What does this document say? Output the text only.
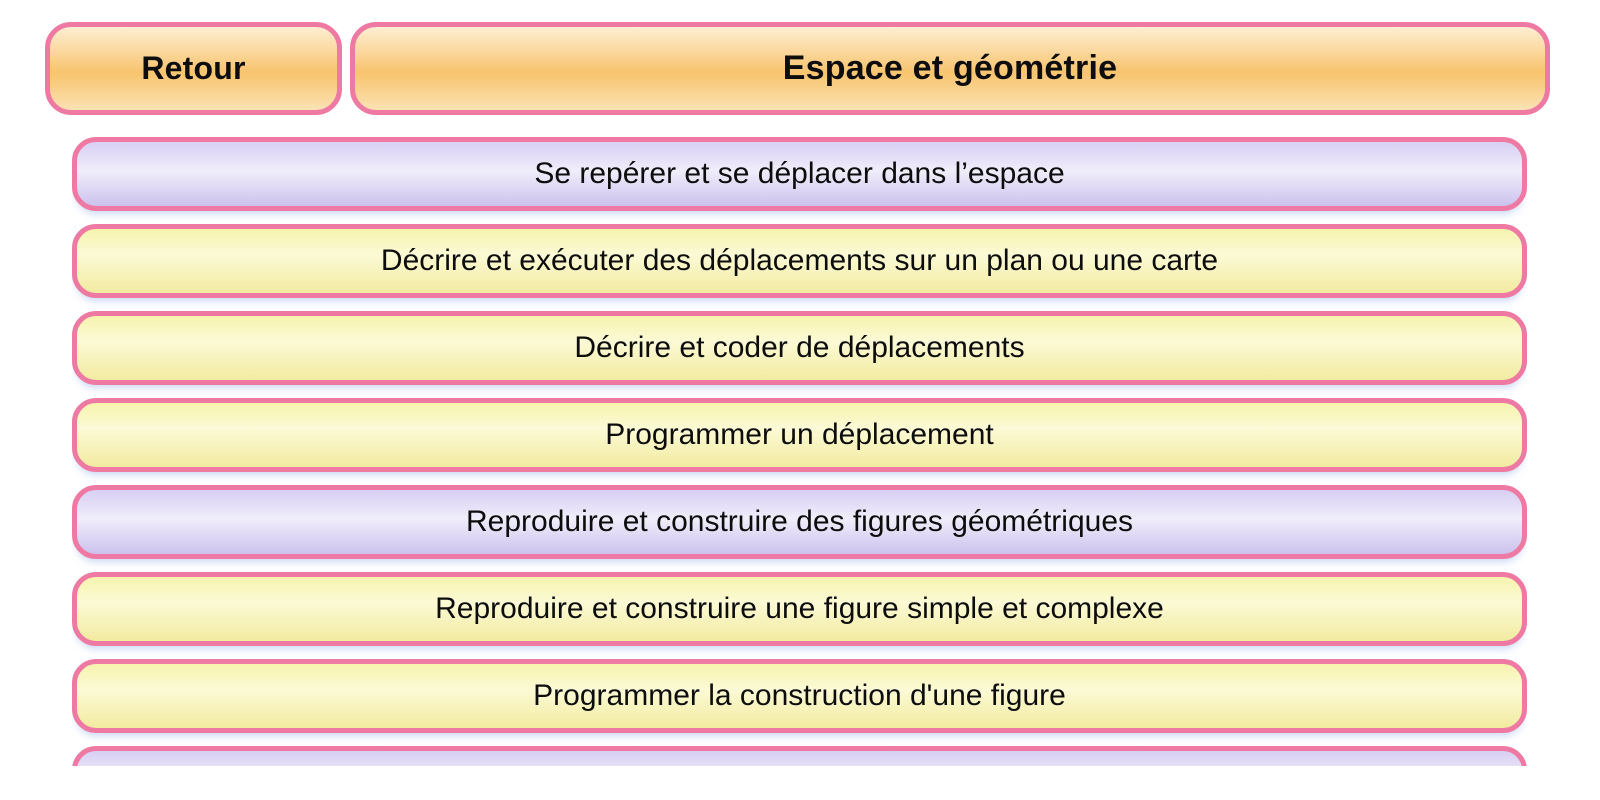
Retour	Espace et géométrie
Se repérer et se déplacer dans l’espace
Décrire et exécuter des déplacements sur un plan ou une carte
Décrire et coder de déplacements
Programmer un déplacement
Reproduire et construire des figures géométriques
Reproduire et construire une figure simple et complexe
Programmer la construction d'une figure
